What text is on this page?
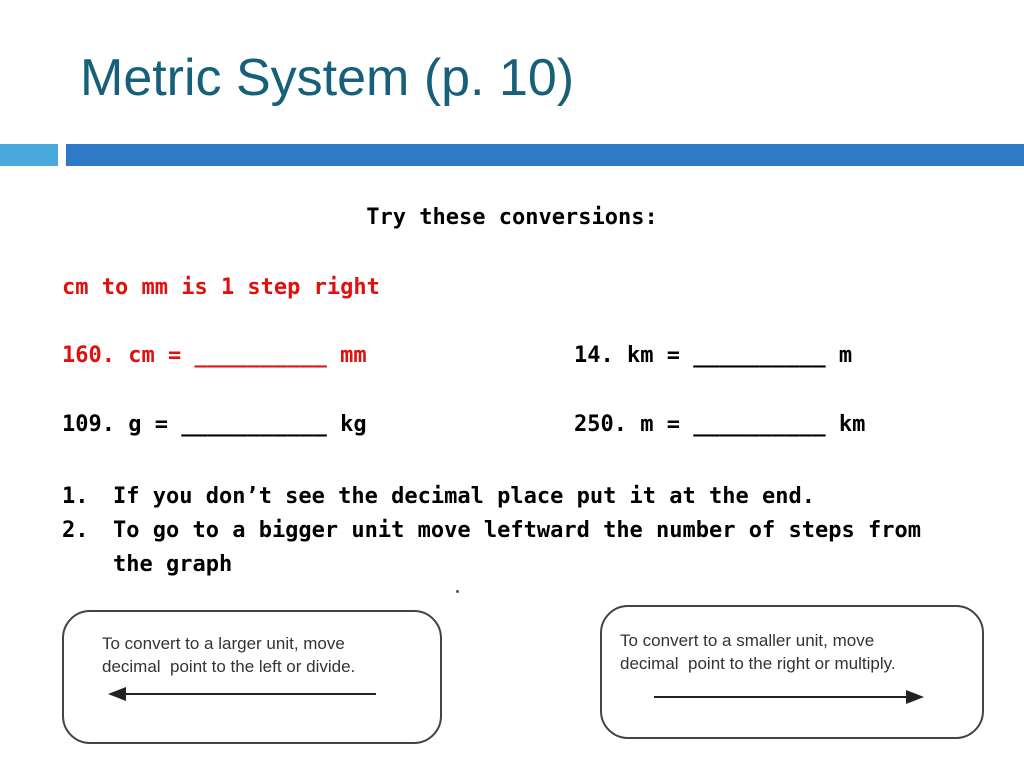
Metric System (p. 10)
Try these conversions:
cm to mm is 1 step right
160. cm = __________ mm	14. km = __________ m
109. g = ___________ kg	250. m = __________ km
1. If you don’t see the decimal place put it at the end.
2. To go to a bigger unit move leftward the number of steps from the graph
To convert to a larger unit, move
decimal  point to the left or divide.
To convert to a smaller unit, move
decimal  point to the right or multiply.
